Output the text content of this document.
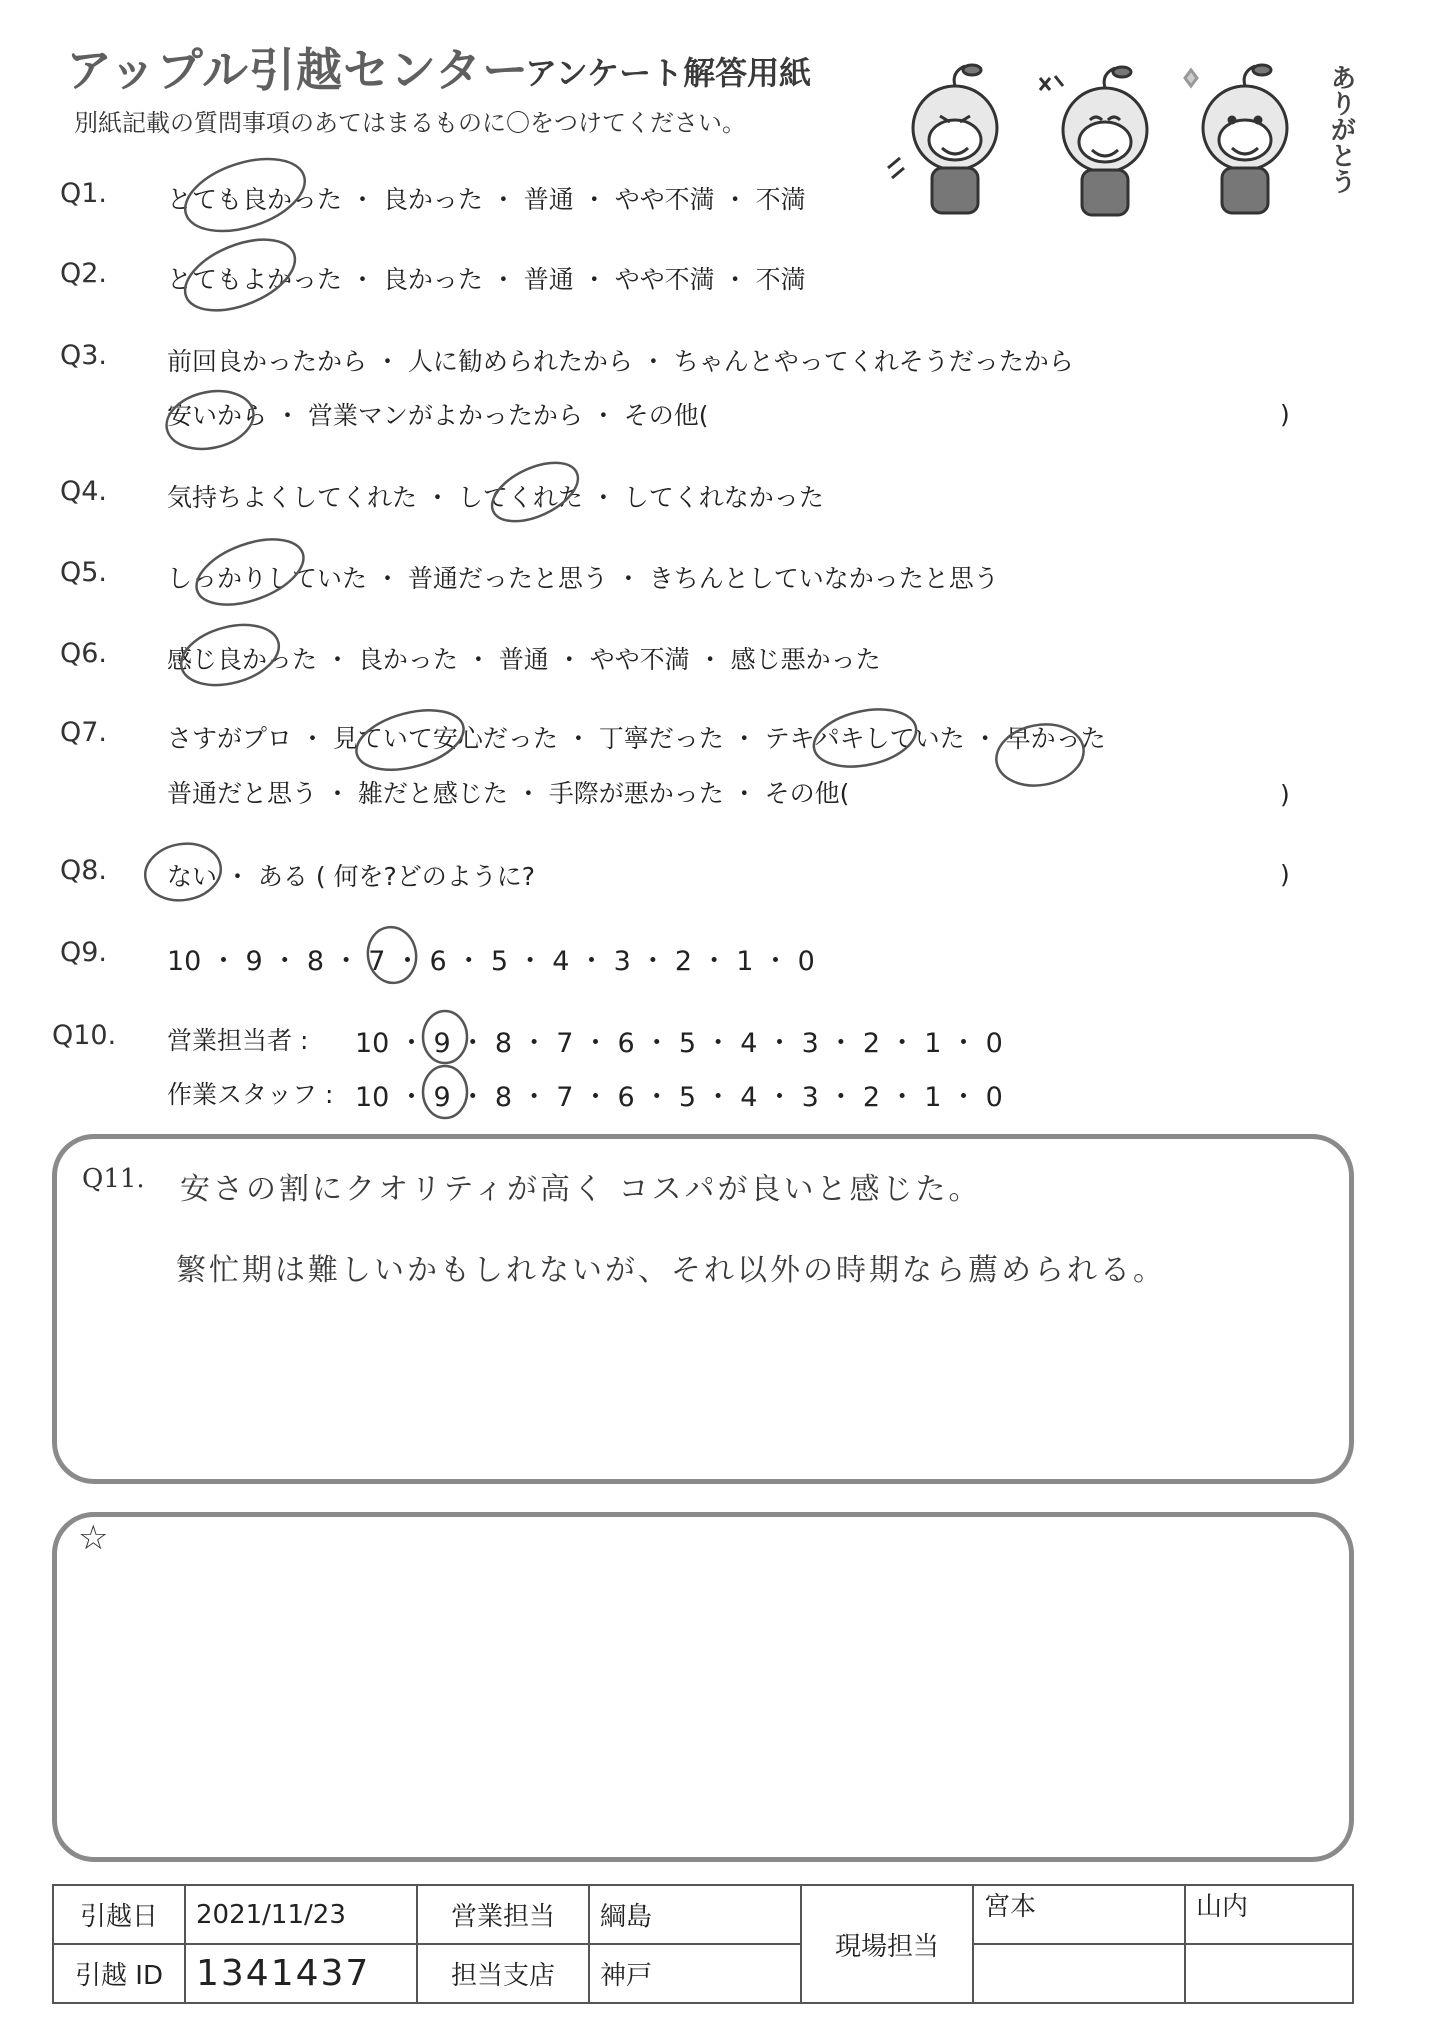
アップル引越センター
アンケート解答用紙
別紙記載の質問事項のあてはまるものに〇をつけてください。	ありがとう
Q1. とても良かった ・ 良かった ・ 普通 ・ やや不満 ・ 不満
Q2. とてもよかった ・ 良かった ・ 普通 ・ やや不満 ・ 不満
Q3. 前回良かったから ・ 人に勧められたから ・ ちゃんとやってくれそうだったから
安いから ・ 営業マンがよかったから ・ その他(	)
Q4. 気持ちよくしてくれた ・ してくれた ・ してくれなかった
Q5. しっかりしていた ・ 普通だったと思う ・ きちんとしていなかったと思う
Q6. 感じ良かった ・ 良かった ・ 普通 ・ やや不満 ・ 感じ悪かった
Q7. さすがプロ ・ 見ていて安心だった ・ 丁寧だった ・ テキパキしていた ・ 早かった
普通だと思う ・ 雑だと感じた ・ 手際が悪かった ・ その他(	)
Q8. ない ・ ある ( 何を?どのように?	)
Q9. 10 ・ 9 ・ 8 ・ 7 ・ 6 ・ 5 ・ 4 ・ 3 ・ 2 ・ 1 ・ 0
Q10. 営業担当者 : 10 ・ 9 ・ 8 ・ 7 ・ 6 ・ 5 ・ 4 ・ 3 ・ 2 ・ 1 ・ 0
作業スタッフ : 10 ・ 9 ・ 8 ・ 7 ・ 6 ・ 5 ・ 4 ・ 3 ・ 2 ・ 1 ・ 0
Q11. 安さの割にクオリティが高く コスパが良いと感じた。
繁忙期は難しいかもしれないが、それ以外の時期なら薦められる。
☆
引越日	2021/11/23	営業担当	綱島	現場担当	宮本	山内
引越 ID	1341437	担当支店	神戸			
